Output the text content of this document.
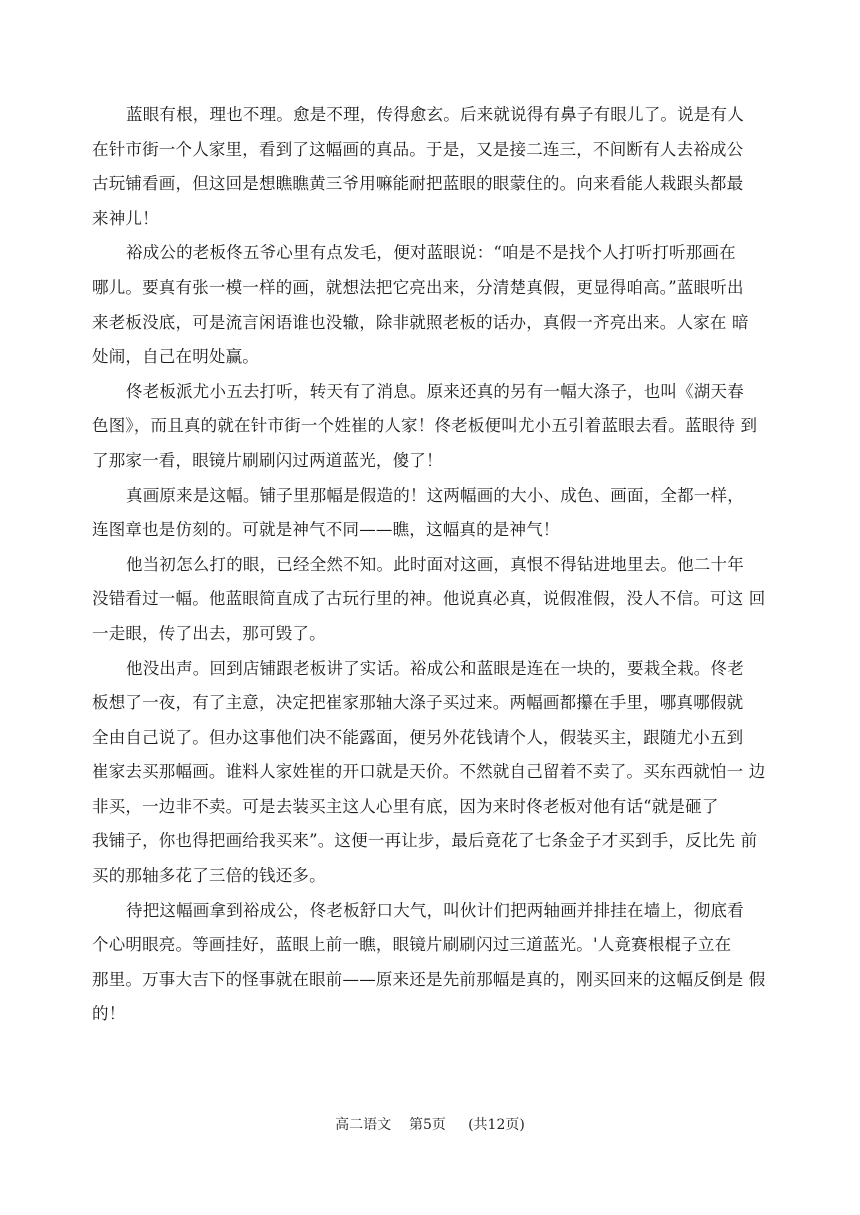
蓝眼有根，理也不理。愈是不理，传得愈玄。后来就说得有鼻子有眼儿了。说是有人
在针市街一个人家里，看到了这幅画的真品。于是，又是接二连三，不间断有人去裕成公
古玩铺看画，但这回是想瞧瞧黄三爷用嘛能耐把蓝眼的眼蒙住的。向来看能人栽跟头都最
来神儿！
裕成公的老板佟五爷心里有点发毛，便对蓝眼说：“咱是不是找个人打听打听那画在
哪儿。要真有张一模一样的画，就想法把它亮出来，分清楚真假，更显得咱高。”蓝眼听出
来老板没底，可是流言闲语谁也没辙，除非就照老板的话办，真假一齐亮出来。人家在 暗
处闹，自己在明处赢。
佟老板派尤小五去打听，转天有了消息。原来还真的另有一幅大涤子，也叫《湖天春
色图》，而且真的就在针市街一个姓崔的人家！佟老板便叫尤小五引着蓝眼去看。蓝眼待 到
了那家一看，眼镜片刷刷闪过两道蓝光，傻了！
真画原来是这幅。铺子里那幅是假造的！这两幅画的大小、成色、画面，全都一样，
连图章也是仿刻的。可就是神气不同——瞧，这幅真的是神气！
他当初怎么打的眼，已经全然不知。此时面对这画，真恨不得钻进地里去。他二十年
没错看过一幅。他蓝眼简直成了古玩行里的神。他说真必真，说假准假，没人不信。可这 回
一走眼，传了出去，那可毁了。
他没出声。回到店铺跟老板讲了实话。裕成公和蓝眼是连在一块的，要栽全栽。佟老
板想了一夜，有了主意，决定把崔家那轴大涤子买过来。两幅画都攥在手里，哪真哪假就
全由自己说了。但办这事他们决不能露面，便另外花钱请个人，假装买主，跟随尤小五到
崔家去买那幅画。谁料人家姓崔的开口就是天价。不然就自己留着不卖了。买东西就怕一 边
非买，一边非不卖。可是去装买主这人心里有底，因为来时佟老板对他有话“就是砸了
我铺子，你也得把画给我买来”。这便一再让步，最后竟花了七条金子才买到手，反比先 前
买的那轴多花了三倍的钱还多。
待把这幅画拿到裕成公，佟老板舒口大气，叫伙计们把两轴画并排挂在墙上，彻底看
个心明眼亮。等画挂好，蓝眼上前一瞧，眼镜片刷刷闪过三道蓝光。'人竟赛根棍子立在
那里。万事大吉下的怪事就在眼前——原来还是先前那幅是真的，刚买回来的这幅反倒是 假
的！
高二语文    第5页     (共12页)
